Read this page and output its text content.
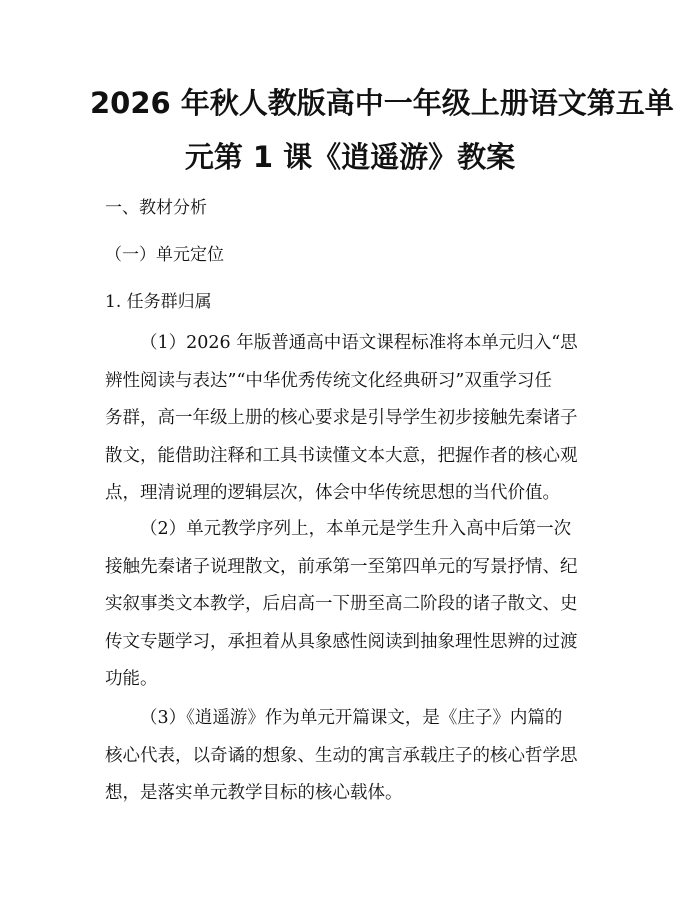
2026 年秋人教版高中一年级上册语文第五单
元第 1 课《逍遥游》教案

一、教材分析

（一）单元定位

1. 任务群归属

（1）2026 年版普通高中语文课程标准将本单元归入“思
辨性阅读与表达”“中华优秀传统文化经典研习”双重学习任
务群，高一年级上册的核心要求是引导学生初步接触先秦诸子
散文，能借助注释和工具书读懂文本大意，把握作者的核心观
点，理清说理的逻辑层次，体会中华传统思想的当代价值。
（2）单元教学序列上，本单元是学生升入高中后第一次
接触先秦诸子说理散文，前承第一至第四单元的写景抒情、纪
实叙事类文本教学，后启高一下册至高二阶段的诸子散文、史
传文专题学习，承担着从具象感性阅读到抽象理性思辨的过渡
功能。
（3）《逍遥游》作为单元开篇课文，是《庄子》内篇的
核心代表，以奇谲的想象、生动的寓言承载庄子的核心哲学思
想，是落实单元教学目标的核心载体。
